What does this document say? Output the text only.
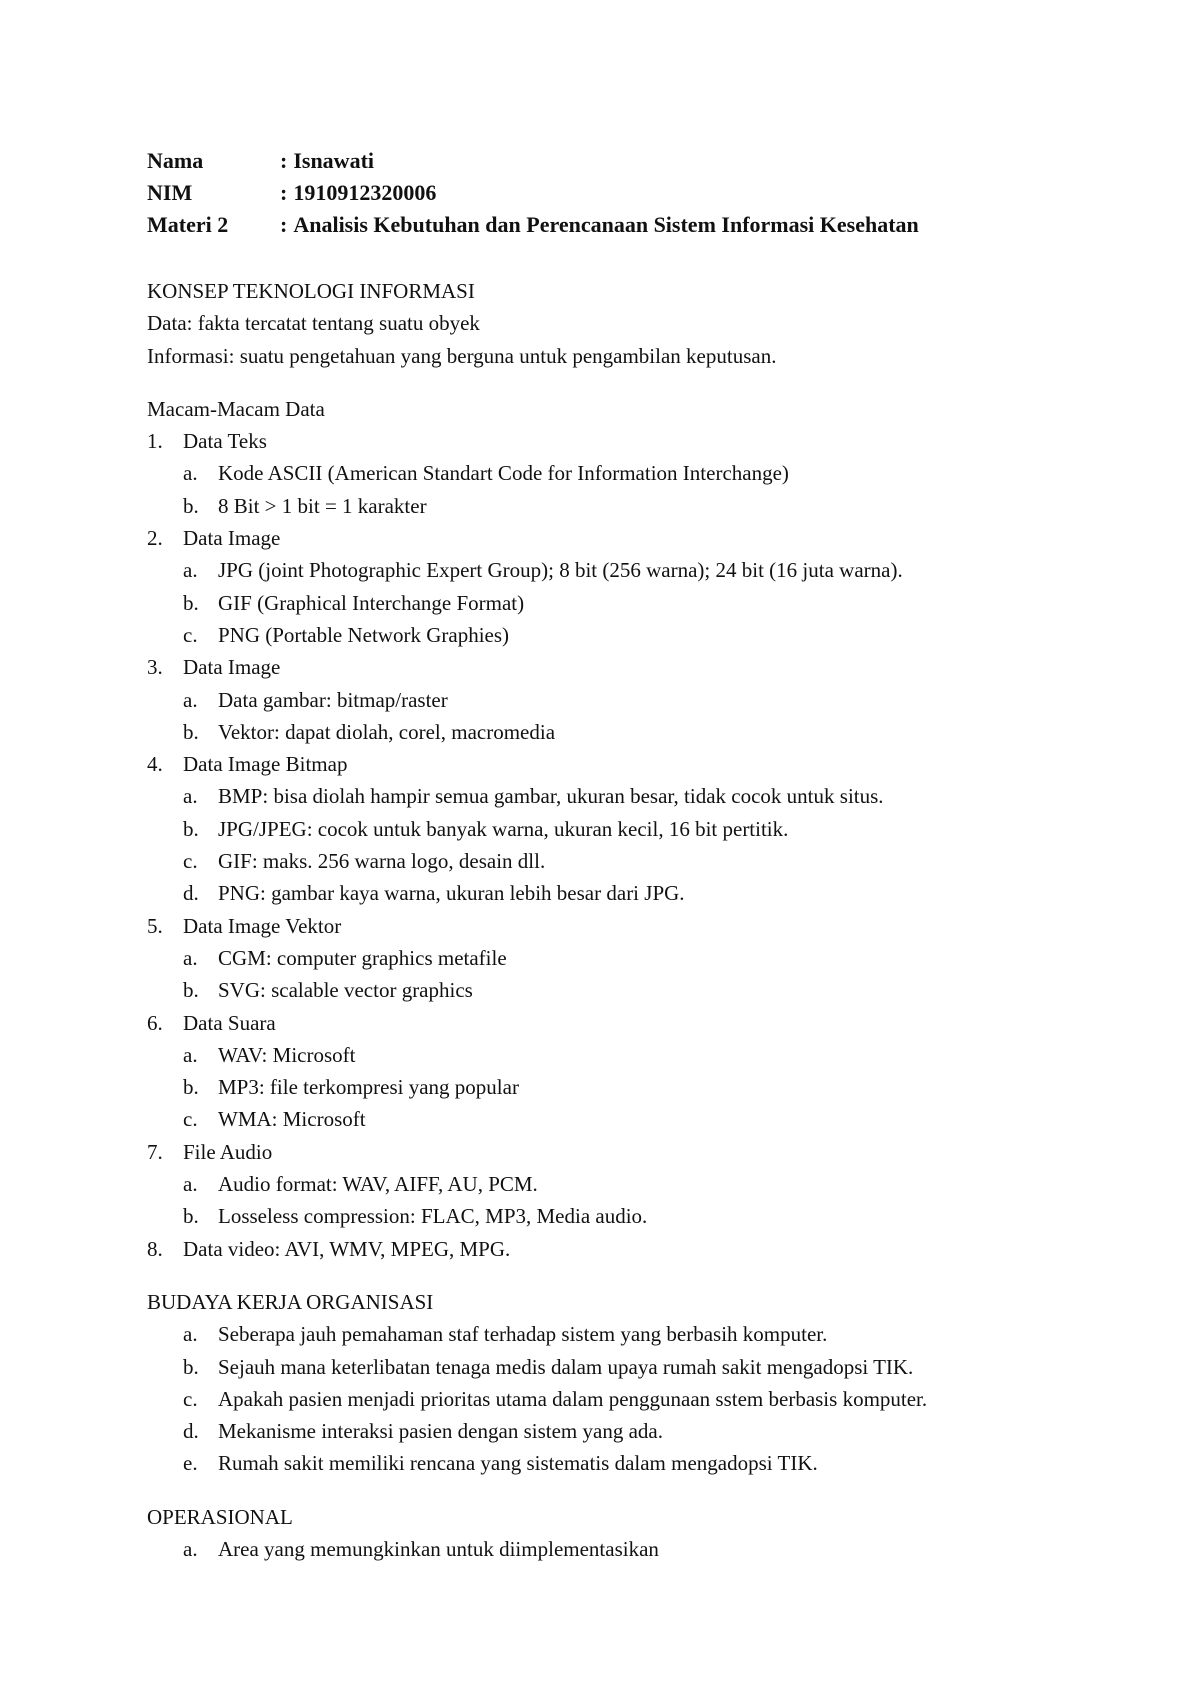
Nama	: Isnawati
NIM	: 1910912320006
Materi 2	: Analisis Kebutuhan dan Perencanaan Sistem Informasi Kesehatan
KONSEP TEKNOLOGI INFORMASI
Data: fakta tercatat tentang suatu obyek
Informasi: suatu pengetahuan yang berguna untuk pengambilan keputusan.
Macam-Macam Data
1. Data Teks
a. Kode ASCII (American Standart Code for Information Interchange)
b. 8 Bit > 1 bit = 1 karakter
2. Data Image
a. JPG (joint Photographic Expert Group); 8 bit (256 warna); 24 bit (16 juta warna).
b. GIF (Graphical Interchange Format)
c. PNG (Portable Network Graphies)
3. Data Image
a. Data gambar: bitmap/raster
b. Vektor: dapat diolah, corel, macromedia
4. Data Image Bitmap
a. BMP: bisa diolah hampir semua gambar, ukuran besar, tidak cocok untuk situs.
b. JPG/JPEG: cocok untuk banyak warna, ukuran kecil, 16 bit pertitik.
c. GIF: maks. 256 warna logo, desain dll.
d. PNG: gambar kaya warna, ukuran lebih besar dari JPG.
5. Data Image Vektor
a. CGM: computer graphics metafile
b. SVG: scalable vector graphics
6. Data Suara
a. WAV: Microsoft
b. MP3: file terkompresi yang popular
c. WMA: Microsoft
7. File Audio
a. Audio format: WAV, AIFF, AU, PCM.
b. Losseless compression: FLAC, MP3, Media audio.
8. Data video: AVI, WMV, MPEG, MPG.
BUDAYA KERJA ORGANISASI
a. Seberapa jauh pemahaman staf terhadap sistem yang berbasih komputer.
b. Sejauh mana keterlibatan tenaga medis dalam upaya rumah sakit mengadopsi TIK.
c. Apakah pasien menjadi prioritas utama dalam penggunaan sstem berbasis komputer.
d. Mekanisme interaksi pasien dengan sistem yang ada.
e. Rumah sakit memiliki rencana yang sistematis dalam mengadopsi TIK.
OPERASIONAL
a. Area yang memungkinkan untuk diimplementasikan
